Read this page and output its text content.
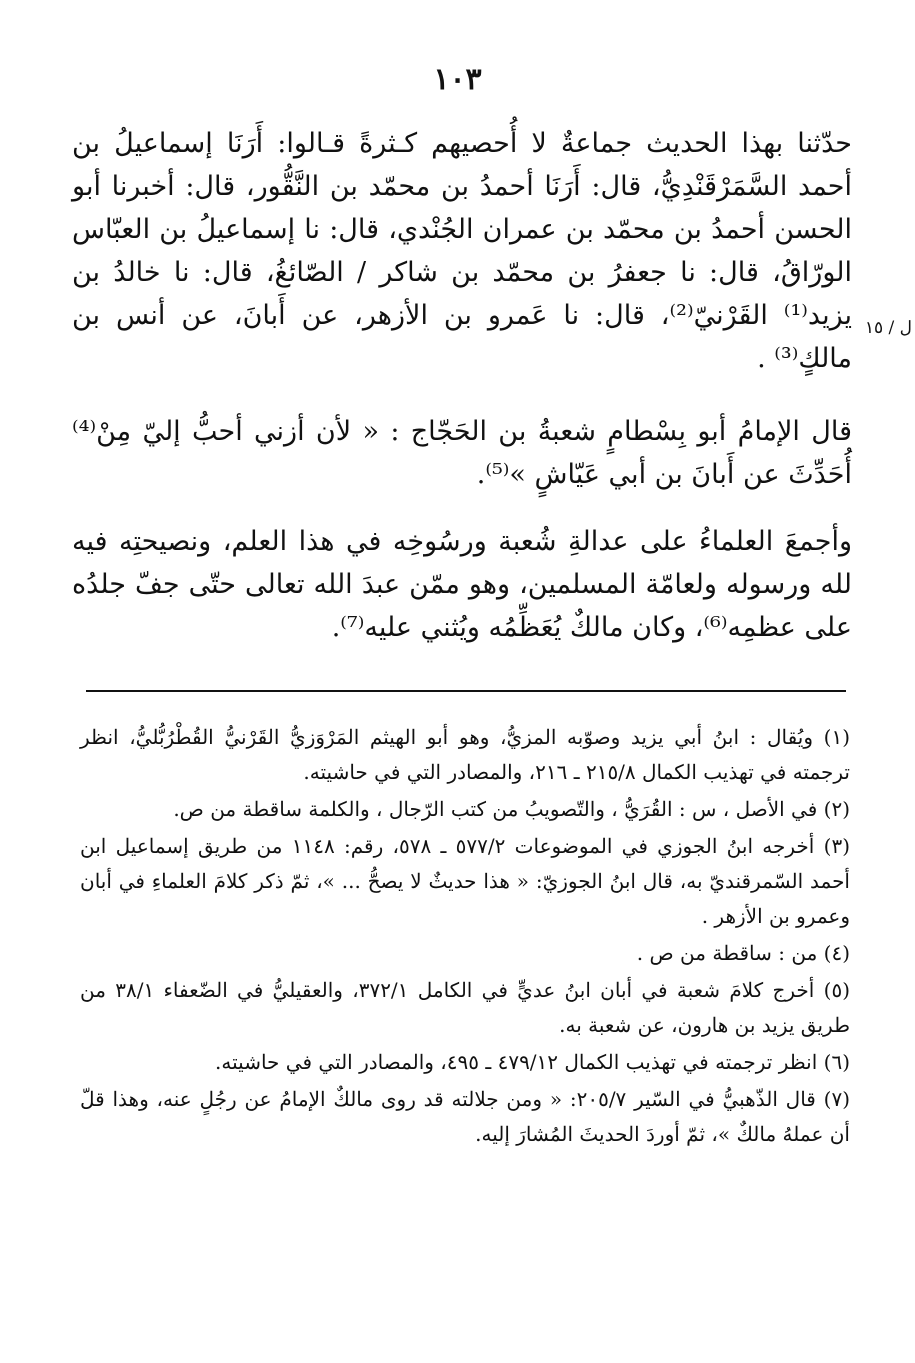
١٠٣
ل / ١٥

حدّثنا بهذا الحديث جماعةٌ لا أُحصيهم كـثرةً قـالوا: أَرَنَا إسماعيلُ بن أحمد السَّمَرْقَنْدِيُّ، قال: أَرَنَا أحمدُ بن محمّد بن النَّقُّور، قال: أخبرنا أبو الحسن أحمدُ بن محمّد بن عمران الجُنْدي، قال: نا إسماعيلُ بن العبّاس الورّاقُ، قال: نا جعفرُ بن محمّد بن شاكر / الصّائغُ، قال: نا خالدُ بن يزيد⁽¹⁾ القَرْنيّ⁽²⁾، قال: نا عَمرو بن الأزهر، عن أَبانَ، عن أنس بن مالكٍ⁽³⁾ .

قال الإمامُ أبو بِسْطامٍ شعبةُ بن الحَجّاج : « لأن أزني أحبُّ إليّ مِنْ⁽⁴⁾ أُحَدِّثَ عن أَبانَ بن أبي عَيّاشٍ »⁽⁵⁾.

وأجمعَ العلماءُ على عدالةِ شُعبة ورسُوخِه في هذا العلم، ونصيحتِه فيه لله ورسوله ولعامّة المسلمين، وهو ممّن عبدَ الله تعالى حتّى جفّ جلدُه على عظمِه⁽⁶⁾، وكان مالكٌ يُعَظِّمُه ويُثني عليه⁽⁷⁾.

(١) ويُقال : ابنُ أبي يزيد وصوّبه المزيُّ، وهو أبو الهيثم المَرْوَزيُّ القَرْنيُّ القُطْرُبُّليُّ، انظر ترجمته في تهذيب الكمال ٢١٥/٨ ـ ٢١٦، والمصادر التي في حاشيته.

(٢) في الأصل ، س : القُرَيُّ ، والتّصويبُ من كتب الرّجال ، والكلمة ساقطة من ص.

(٣) أخرجه ابنُ الجوزي في الموضوعات ٥٧٧/٢ ـ ٥٧٨، رقم: ١١٤٨ من طريق إسماعيل ابن أحمد السّمرقنديّ به، قال ابنُ الجوزيّ: « هذا حديثٌ لا يصحُّ ... »، ثمّ ذكر كلامَ العلماءِ في أبان وعمرو بن الأزهر .

(٤) من : ساقطة من ص .

(٥) أخرج كلامَ شعبة في أبان ابنُ عديٍّ في الكامل ٣٧٢/١، والعقيليُّ في الضّعفاء ٣٨/١ من طريق يزيد بن هارون، عن شعبة به.

(٦) انظر ترجمته في تهذيب الكمال ٤٧٩/١٢ ـ ٤٩٥، والمصادر التي في حاشيته.

(٧) قال الذّهبيُّ في السّير ٢٠٥/٧: « ومن جلالته قد روى مالكٌ الإمامُ عن رجُلٍ عنه، وهذا قلّ أن عملهُ مالكٌ »، ثمّ أوردَ الحديثَ المُشارَ إليه.
